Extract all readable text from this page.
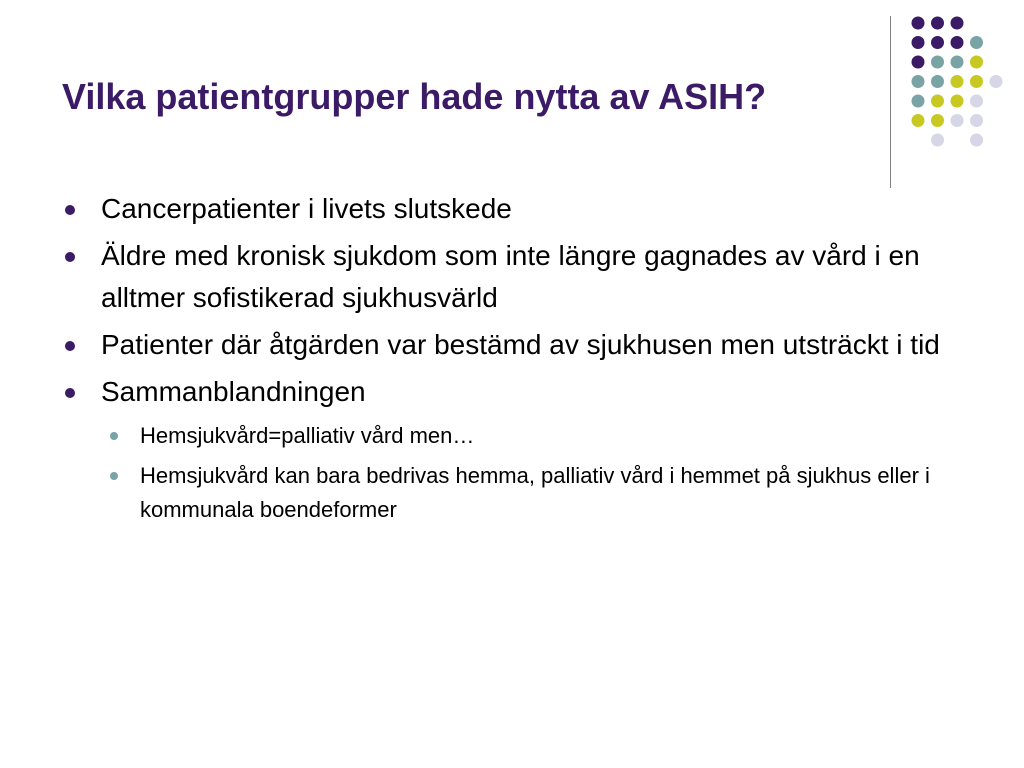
Vilka patientgrupper hade nytta av ASIH?
Cancerpatienter i livets slutskede
Äldre med kronisk sjukdom som inte längre gagnades av vård i en alltmer sofistikerad sjukhusvärld
Patienter där åtgärden var bestämd av sjukhusen men utsträckt i tid
Sammanblandningen
Hemsjukvård=palliativ vård men…
Hemsjukvård kan bara bedrivas hemma, palliativ vård i hemmet på sjukhus eller i kommunala boendeformer
